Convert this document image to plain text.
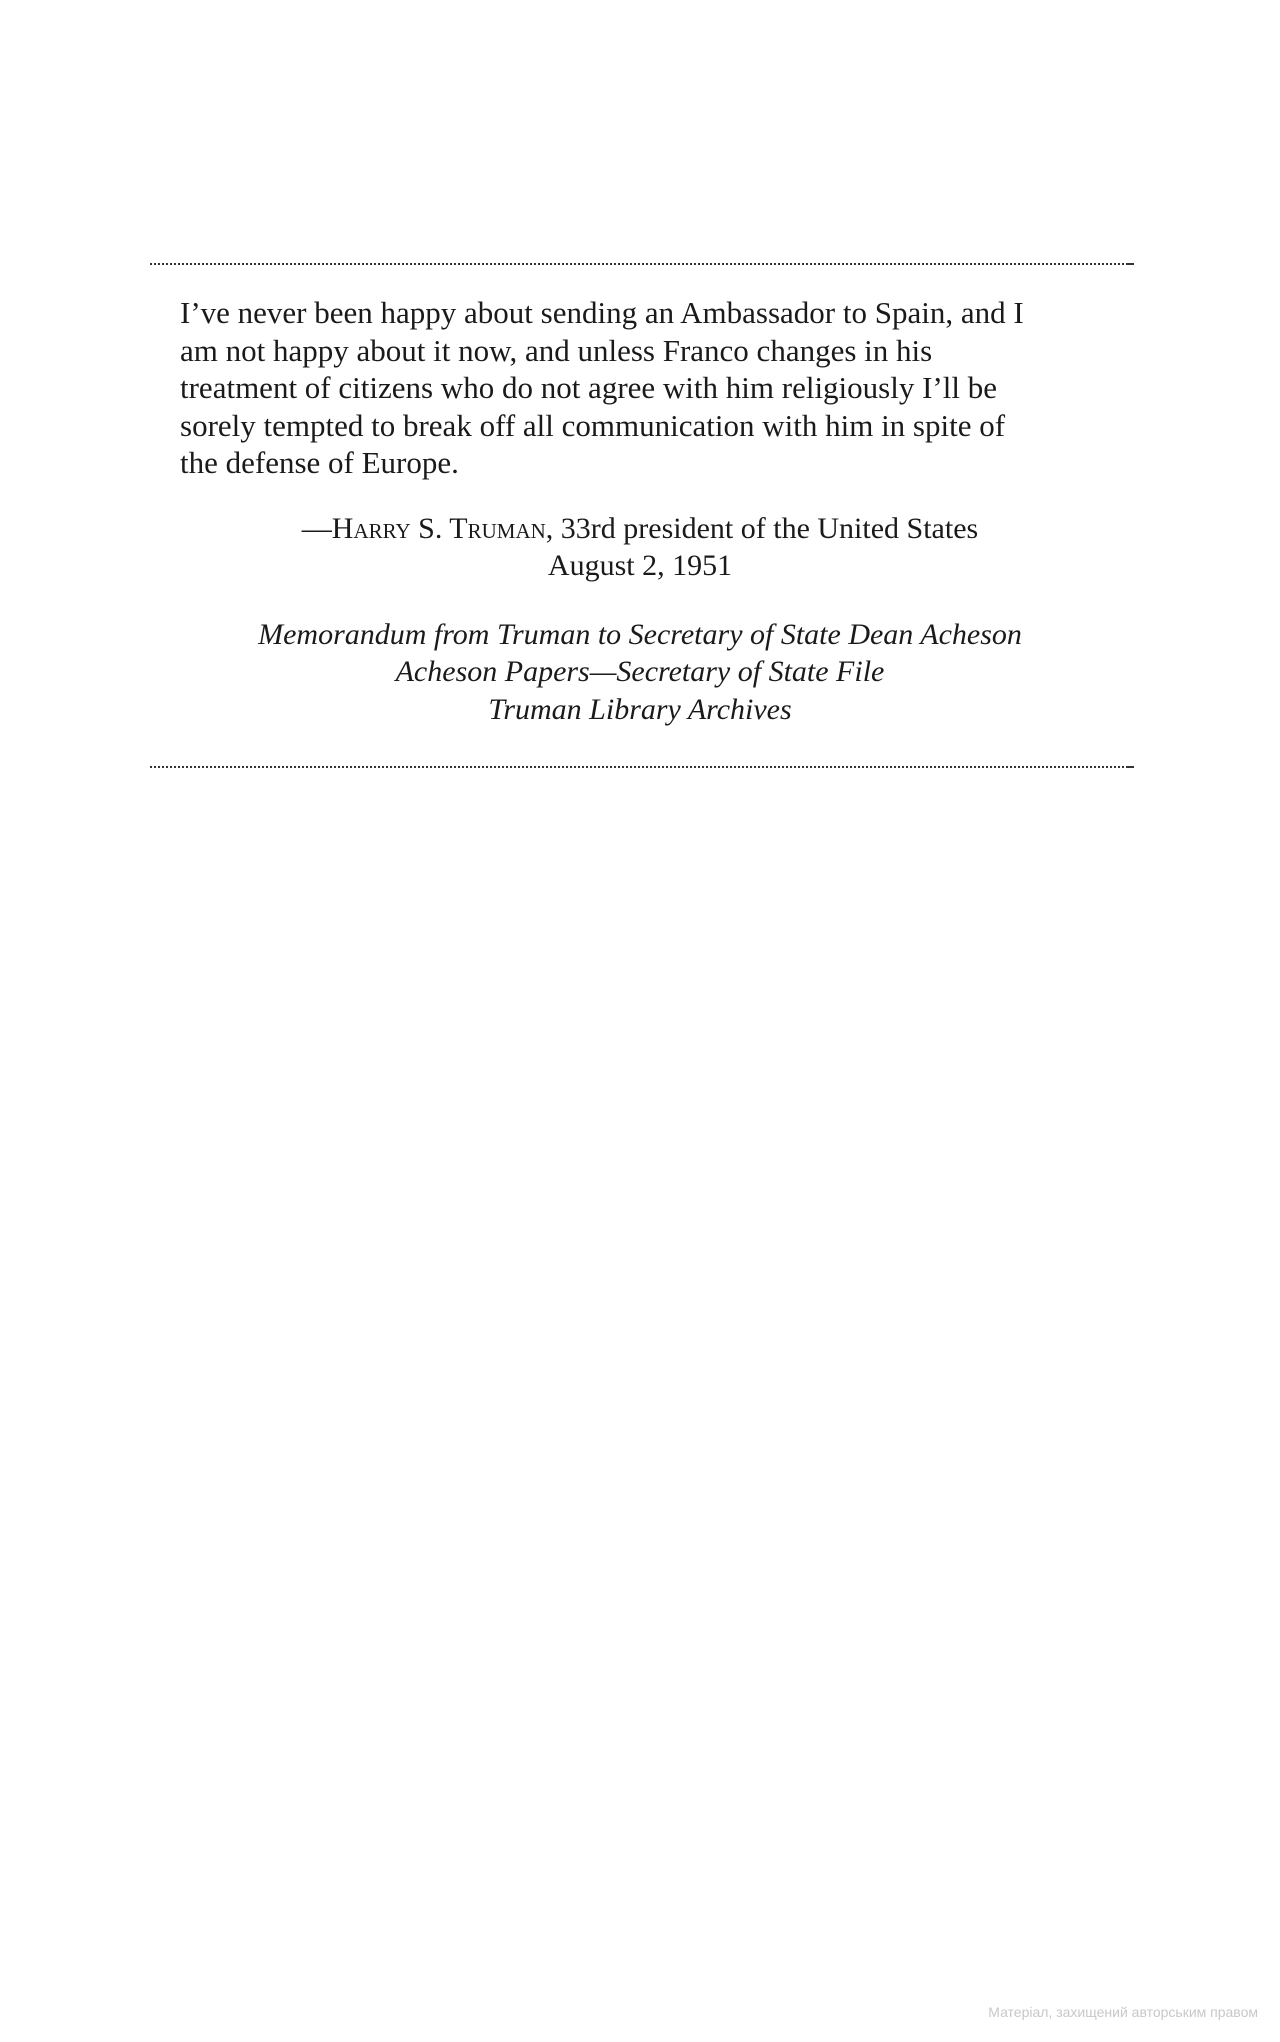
I’ve never been happy about sending an Ambassador to Spain, and I
am not happy about it now, and unless Franco changes in his
treatment of citizens who do not agree with him religiously I’ll be
sorely tempted to break off all communication with him in spite of
the defense of Europe.

—Harry S. Truman, 33rd president of the United States
August 2, 1951

Memorandum from Truman to Secretary of State Dean Acheson
Acheson Papers—Secretary of State File
Truman Library Archives

Матеріал, захищений авторським правом
